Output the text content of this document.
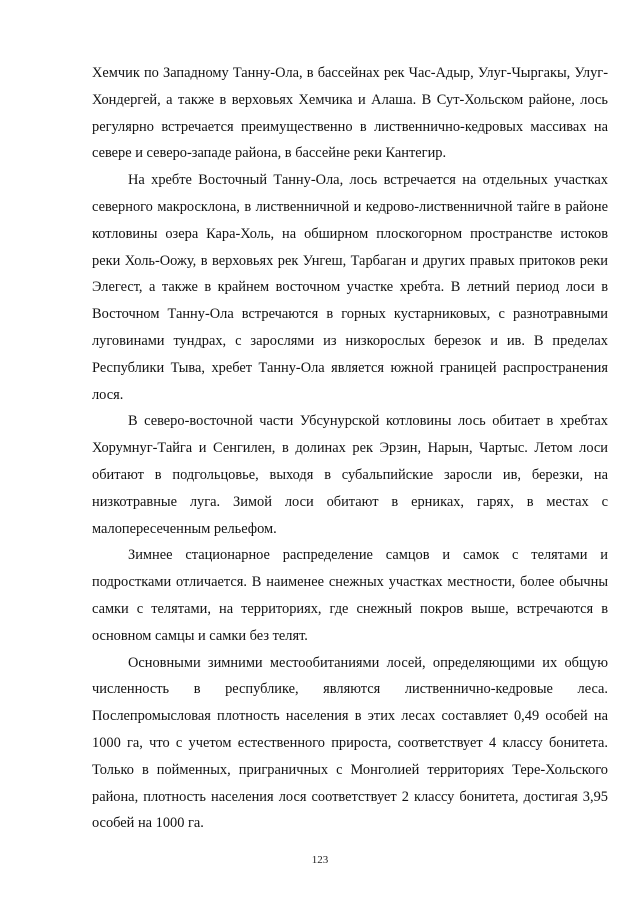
Хемчик по Западному Танну-Ола, в бассейнах рек Час-Адыр, Улуг-Чыргакы, Улуг-Хондергей, а также в верховьях Хемчика и Алаша. В Сут-Хольском районе, лось регулярно встречается преимущественно в лиственнично-кедровых массивах на севере и северо-западе района, в бассейне реки Кантегир.

На хребте Восточный Танну-Ола, лось встречается на отдельных участках северного макросклона, в лиственничной и кедрово-лиственничной тайге в районе котловины озера Кара-Холь, на обширном плоскогорном пространстве истоков реки Холь-Оожу, в верховьях рек Унгеш, Тарбаган и других правых притоков реки Элегест, а также в крайнем восточном участке хребта. В летний период лоси в Восточном Танну-Ола встречаются в горных кустарниковых, с разнотравными луговинами тундрах, с зарослями из низкорослых березок и ив. В пределах Республики Тыва, хребет Танну-Ола является южной границей распространения лося.

В северо-восточной части Убсунурской котловины лось обитает в хребтах Хорумнуг-Тайга и Сенгилен, в долинах рек Эрзин, Нарын, Чартыс. Летом лоси обитают в подгольцовье, выходя в субальпийские заросли ив, березки, на низкотравные луга. Зимой лоси обитают в ерниках, гарях, в местах с малопересеченным рельефом.

Зимнее стационарное распределение самцов и самок с телятами и подростками отличается. В наименее снежных участках местности, более обычны самки с телятами, на территориях, где снежный покров выше, встречаются в основном самцы и самки без телят.

Основными зимними местообитаниями лосей, определяющими их общую численность в республике, являются лиственнично-кедровые леса. Послепромысловая плотность населения в этих лесах составляет 0,49 особей на 1000 га, что с учетом естественного прироста, соответствует 4 классу бонитета. Только в пойменных, приграничных с Монголией территориях Тере-Хольского района, плотность населения лося соответствует 2 классу бонитета, достигая 3,95 особей на 1000 га.

123
